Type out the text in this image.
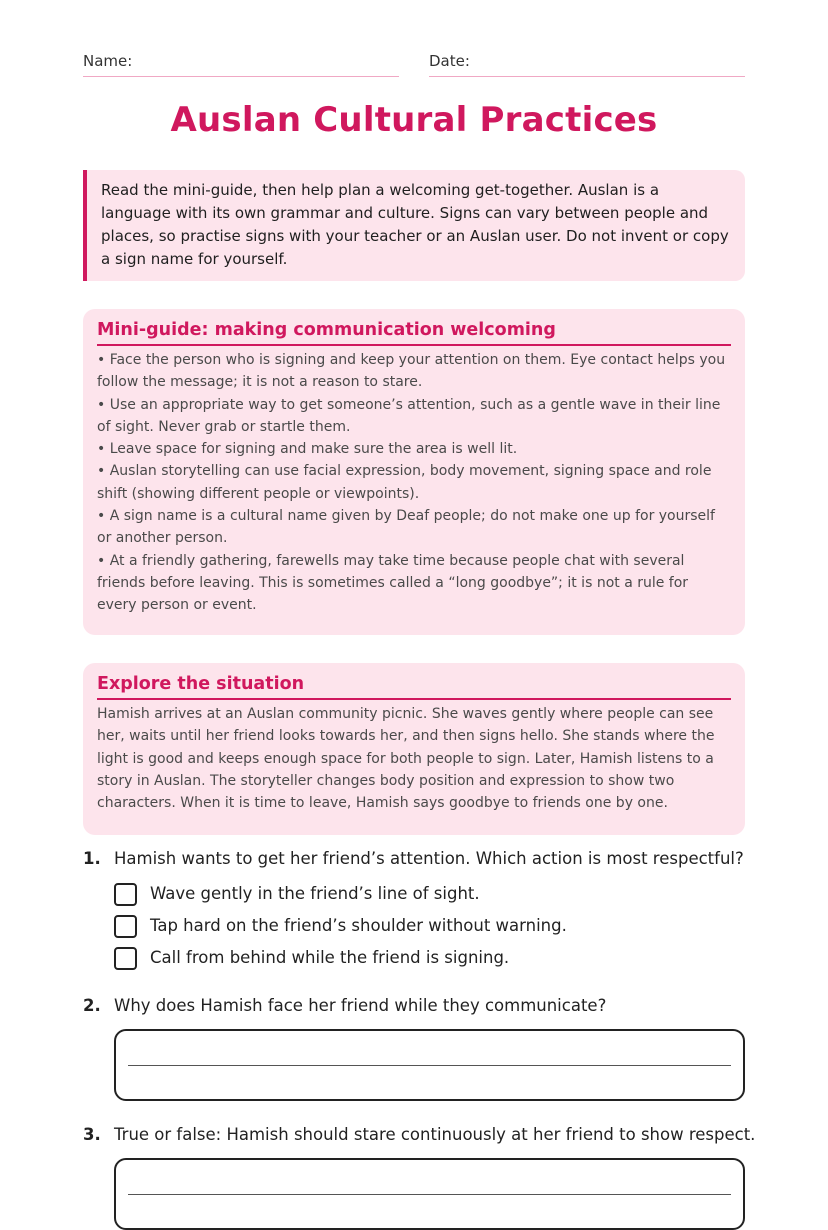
Name:	Date:
Auslan Cultural Practices
Read the mini-guide, then help plan a welcoming get-together. Auslan is a language with its own grammar and culture. Signs can vary between people and places, so practise signs with your teacher or an Auslan user. Do not invent or copy a sign name for yourself.
Mini-guide: making communication welcoming
• Face the person who is signing and keep your attention on them. Eye contact helps you follow the message; it is not a reason to stare.
• Use an appropriate way to get someone’s attention, such as a gentle wave in their line of sight. Never grab or startle them.
• Leave space for signing and make sure the area is well lit.
• Auslan storytelling can use facial expression, body movement, signing space and role shift (showing different people or viewpoints).
• A sign name is a cultural name given by Deaf people; do not make one up for yourself or another person.
• At a friendly gathering, farewells may take time because people chat with several friends before leaving. This is sometimes called a “long goodbye”; it is not a rule for every person or event.
Explore the situation
Hamish arrives at an Auslan community picnic. She waves gently where people can see her, waits until her friend looks towards her, and then signs hello. She stands where the light is good and keeps enough space for both people to sign. Later, Hamish listens to a story in Auslan. The storyteller changes body position and expression to show two characters. When it is time to leave, Hamish says goodbye to friends one by one.
1. Hamish wants to get her friend’s attention. Which action is most respectful?
Wave gently in the friend’s line of sight.
Tap hard on the friend’s shoulder without warning.
Call from behind while the friend is signing.
2. Why does Hamish face her friend while they communicate?
3. True or false: Hamish should stare continuously at her friend to show respect.
